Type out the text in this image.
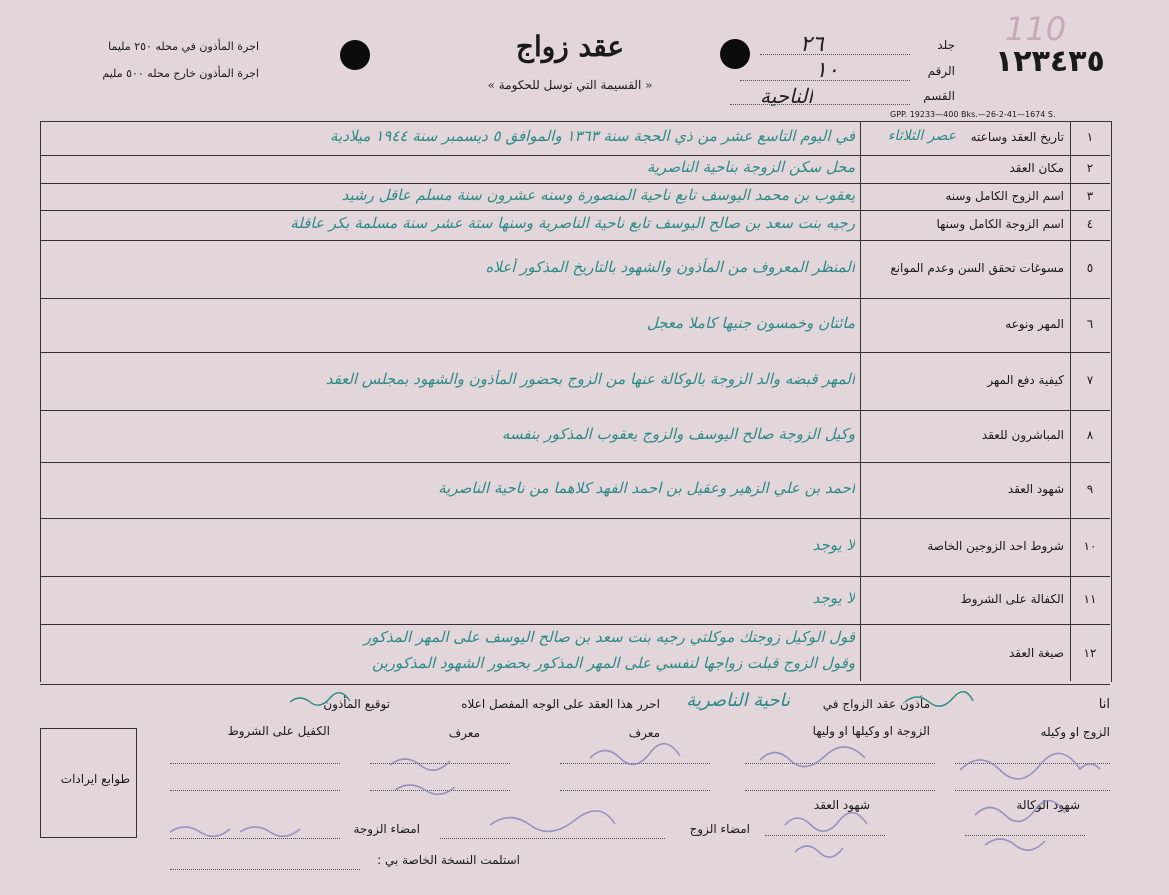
110
١٢٣٤٣٥
اجرة المأذون في محله ٢٥٠ مليما
اجرة المأذون خارج محله ٥٠٠ مليم
عقد زواج
« القسيمة التي توسل للحكومة »
جلد
٢٦
الرقم
١٠
القسم
الناحية
GPP. 19233—400 Bks.—26-2-41—1674 S.
انا
مأذون عقد الزواج في
ناحية الناصرية
احرر هذا العقد على الوجه المفصل اعلاه
توقيع المأذون
طوابع ايرادات
الكفيل على الشروط	معرف	معرف	الزوجة او وكيلها او وليها	الزوج او وكيله
شهود العقد	شهود الوكالة
امضاء الزوجة	امضاء الزوج
استلمت النسخة الخاصة بي :
١
تاريخ العقد وساعته
عصر الثلاثاء
في اليوم التاسع عشر من ذي الحجة سنة ١٣٦٣ والموافق ٥ ديسمبر سنة ١٩٤٤ ميلادية
٢
مكان العقد
محل سكن الزوجة بناحية الناصرية
٣
اسم الزوج الكامل وسنه
يعقوب بن محمد اليوسف تابع ناحية المنصورة وسنه عشرون سنة مسلم عاقل رشيد
٤
اسم الزوجة الكامل وسنها
رجيه بنت سعد بن صالح اليوسف تابع ناحية الناصرية وسنها ستة عشر سنة مسلمة بكر عاقلة
٥
مسوغات تحقق السن وعدم الموانع
المنظر المعروف من المأذون والشهود بالتاريخ المذكور أعلاه
٦
المهر ونوعه
مائتان وخمسون جنيها كاملا معجل
٧
كيفية دفع المهر
المهر قبضه والد الزوجة بالوكالة عنها من الزوج بحضور المأذون والشهود بمجلس العقد
٨
المباشرون للعقد
وكيل الزوجة صالح اليوسف والزوج يعقوب المذكور بنفسه
٩
شهود العقد
احمد بن علي الزهير وعقيل بن احمد الفهد كلاهما من ناحية الناصرية
١٠
شروط احد الزوجين الخاصة
لا يوجد
١١
الكفالة على الشروط
لا يوجد
١٢
صيغة العقد
قول الوكيل زوجتك موكلتي رجيه بنت سعد بن صالح اليوسف على المهر المذكور
وقول الزوج قبلت زواجها لنفسي على المهر المذكور بحضور الشهود المذكورين
